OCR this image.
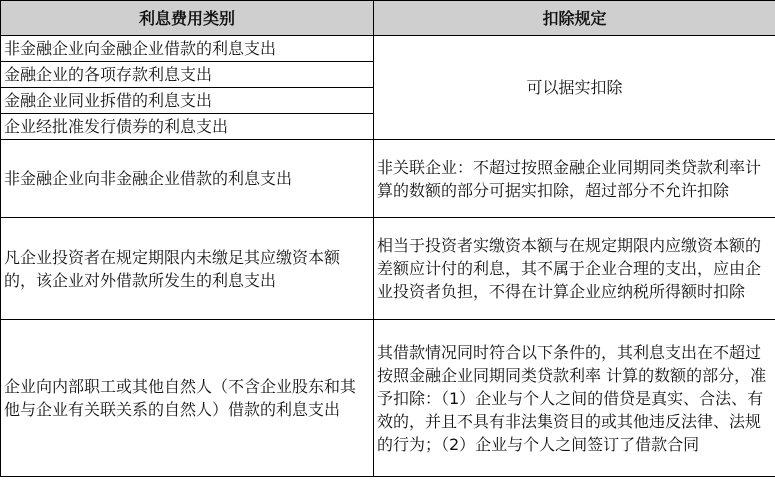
利息费用类别	扣除规定
非金融企业向金融企业借款的利息支出	可以据实扣除
金融企业的各项存款利息支出	
金融企业同业拆借的利息支出	
企业经批准发行债券的利息支出	
非金融企业向非金融企业借款的利息支出	非关联企业：不超过按照金融企业同期同类贷款利率计算的数额的部分可据实扣除，超过部分不允许扣除
凡企业投资者在规定期限内未缴足其应缴资本额的，该企业对外借款所发生的利息支出	相当于投资者实缴资本额与在规定期限内应缴资本额的差额应计付的利息，其不属于企业合理的支出，应由企业投资者负担，不得在计算企业应纳税所得额时扣除
企业向内部职工或其他自然人（不含企业股东和其他与企业有关联关系的自然人）借款的利息支出	其借款情况同时符合以下条件的，其利息支出在不超过按照金融企业同期同类贷款利率 计算的数额的部分，准予扣除：（1）企业与个人之间的借贷是真实、合法、有效的，并且不具有非法集资目的或其他违反法律、法规的行为；（2）企业与个人之间签订了借款合同
